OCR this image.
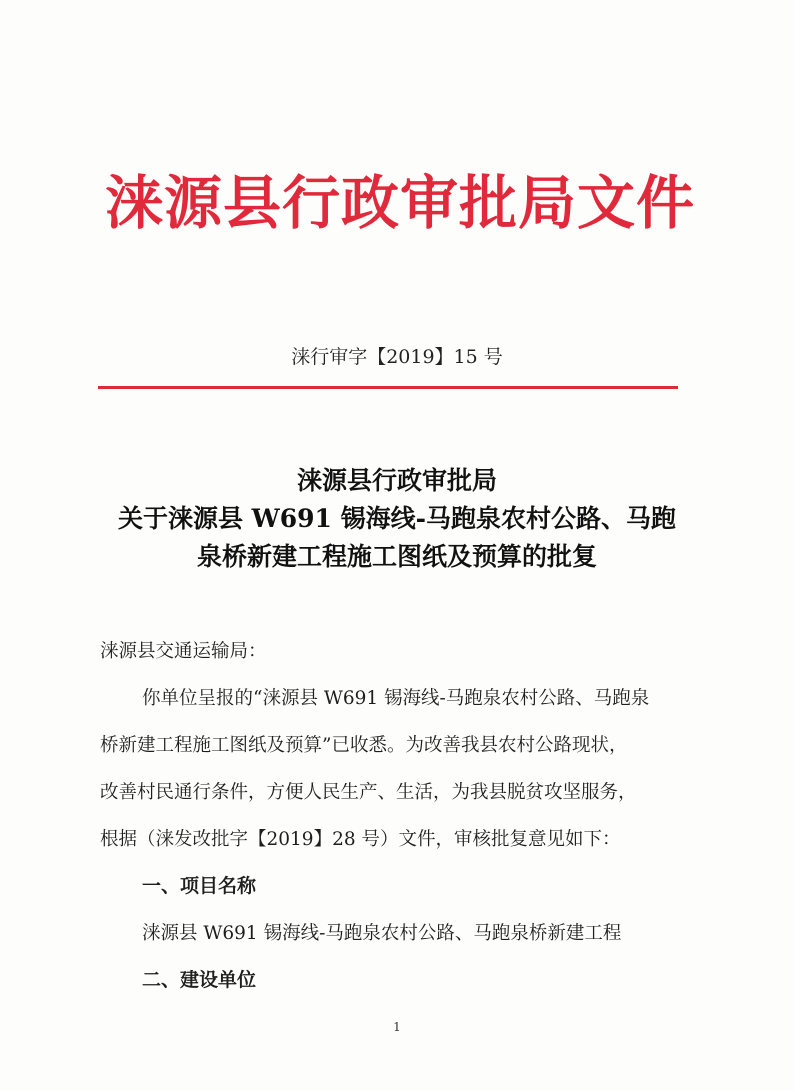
涞源县行政审批局文件
涞行审字【2019】15 号
涞源县行政审批局
关于涞源县 W691 锡海线-马跑泉农村公路、马跑
泉桥新建工程施工图纸及预算的批复
涞源县交通运输局：
你单位呈报的“涞源县 W691 锡海线-马跑泉农村公路、马跑泉
桥新建工程施工图纸及预算”已收悉。为改善我县农村公路现状，
改善村民通行条件，方便人民生产、生活，为我县脱贫攻坚服务，
根据（涞发改批字【2019】28 号）文件，审核批复意见如下：
一、项目名称
涞源县 W691 锡海线-马跑泉农村公路、马跑泉桥新建工程
二、建设单位
1
